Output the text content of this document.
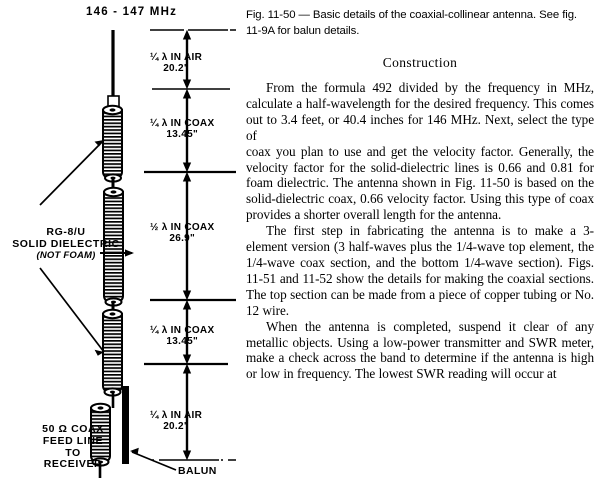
146 - 147 MHz
¼ λ IN AIR
20.2"
¼ λ IN COAX
13.45"
½ λ IN COAX
26.9"
¼ λ IN COAX
13.45"
¼ λ IN AIR
20.2"
RG-8/U
SOLID DIELECTRIC
(NOT FOAM)
50 Ω COAX
FEED LINE
TO
RECEIVER
BALUN
Fig. 11-50 — Basic details of the coaxial-collinear antenna. See fig. 11-9A for balun details.
Construction

From the formula 492 divided by the frequency in MHz, calculate a half-wavelength for the desired frequency. This comes out to 3.4 feet, or 40.4 inches for 146 MHz. Next, select the type of

coax you plan to use and get the velocity factor. Generally, the velocity factor for the solid-dielectric lines is 0.66 and 0.81 for foam dielectric. The antenna shown in Fig. 11-50 is based on the solid-dielectric coax, 0.66 velocity factor. Using this type of coax provides a shorter overall length for the antenna.

The first step in fabricating the antenna is to make a 3-element version (3 half-waves plus the 1/4-wave top element, the 1/4-wave coax section, and the bottom 1/4-wave section). Figs. 11-51 and 11-52 show the details for making the coaxial sections. The top section can be made from a piece of copper tubing or No. 12 wire.

When the antenna is completed, suspend it clear of any metallic objects. Using a low-power transmitter and SWR meter, make a check across the band to determine if the antenna is high or low in frequency. The lowest SWR reading will occur at
